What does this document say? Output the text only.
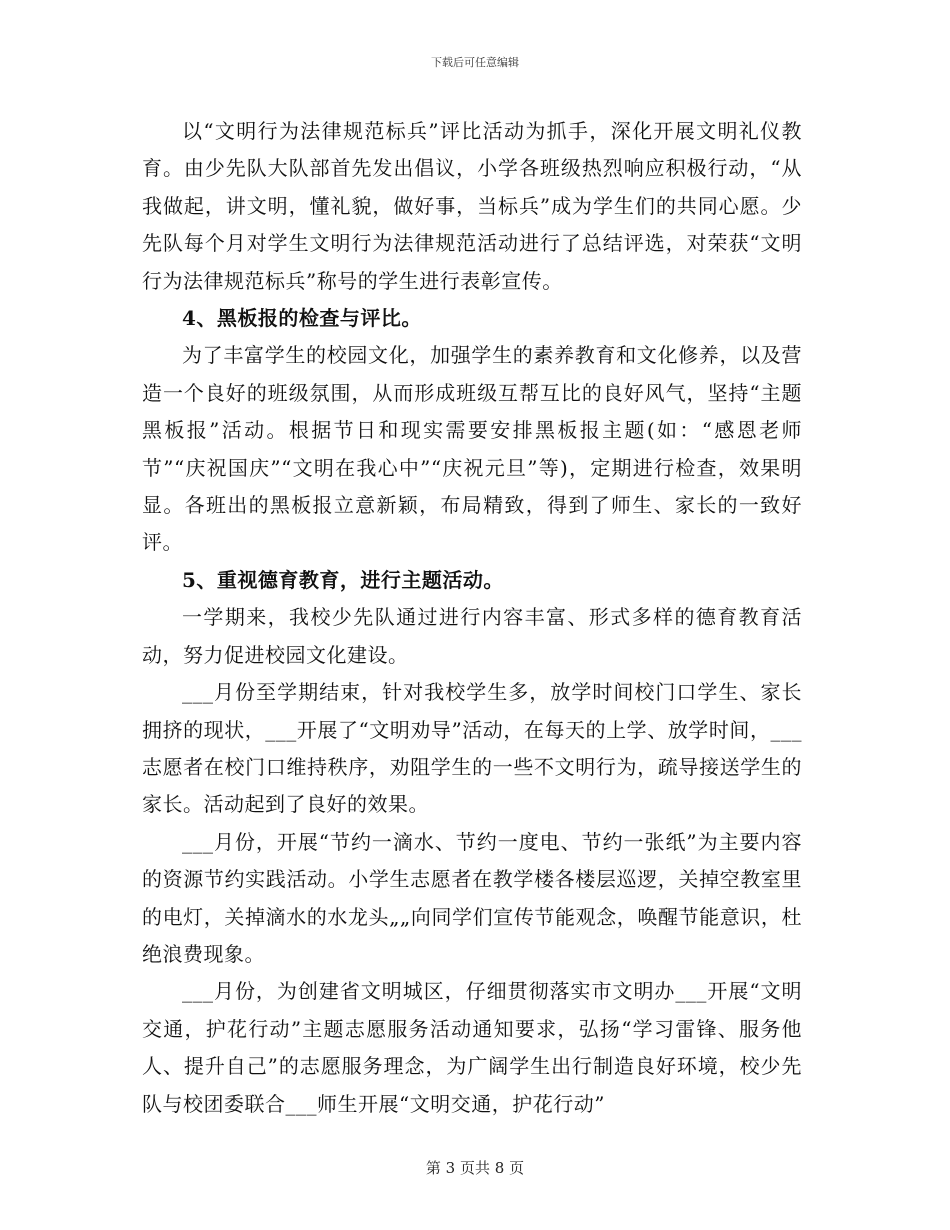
下载后可任意编辑

以“文明行为法律规范标兵”评比活动为抓手，深化开展文明礼仪教育。由少先队大队部首先发出倡议，小学各班级热烈响应积极行动，“从我做起，讲文明，懂礼貌，做好事，当标兵”成为学生们的共同心愿。少先队每个月对学生文明行为法律规范活动进行了总结评选，对荣获“文明行为法律规范标兵”称号的学生进行表彰宣传。

4、黑板报的检查与评比。

为了丰富学生的校园文化，加强学生的素养教育和文化修养，以及营造一个良好的班级氛围，从而形成班级互帮互比的良好风气，坚持“主题黑板报”活动。根据节日和现实需要安排黑板报主题(如：“感恩老师节”“庆祝国庆”“文明在我心中”“庆祝元旦”等)，定期进行检查，效果明显。各班出的黑板报立意新颖，布局精致，得到了师生、家长的一致好评。

5、重视德育教育，进行主题活动。

一学期来，我校少先队通过进行内容丰富、形式多样的德育教育活动，努力促进校园文化建设。

___月份至学期结束，针对我校学生多，放学时间校门口学生、家长拥挤的现状，___开展了“文明劝导”活动，在每天的上学、放学时间，___志愿者在校门口维持秩序，劝阻学生的一些不文明行为，疏导接送学生的家长。活动起到了良好的效果。

___月份，开展“节约一滴水、节约一度电、节约一张纸”为主要内容的资源节约实践活动。小学生志愿者在教学楼各楼层巡逻，关掉空教室里的电灯，关掉滴水的水龙头„„向同学们宣传节能观念，唤醒节能意识，杜绝浪费现象。

___月份，为创建省文明城区，仔细贯彻落实市文明办___开展“文明交通，护花行动”主题志愿服务活动通知要求，弘扬“学习雷锋、服务他人、提升自己”的志愿服务理念，为广阔学生出行制造良好环境，校少先队与校团委联合___师生开展“文明交通，护花行动”

第 3 页共 8 页
